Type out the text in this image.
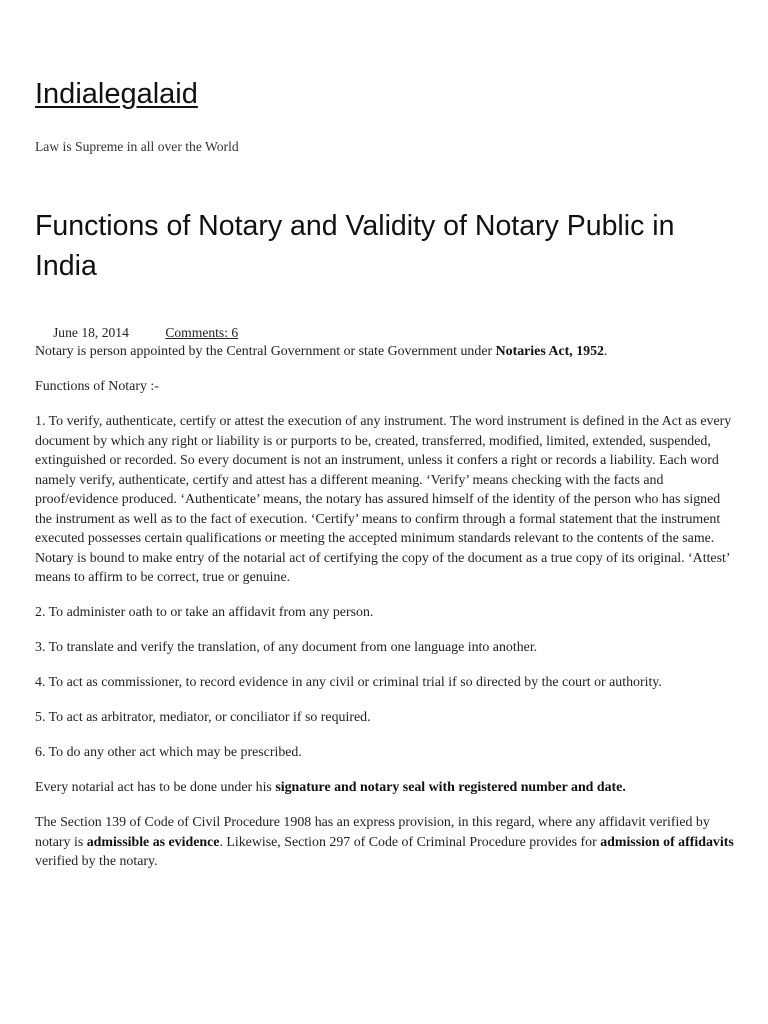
Indialegalaid

Law is Supreme in all over the World

Functions of Notary and Validity of Notary Public in India
June 18, 2014	Comments: 6

Notary is person appointed by the Central Government or state Government under Notaries Act, 1952.

Functions of Notary :-

1. To verify, authenticate, certify or attest the execution of any instrument. The word instrument is defined in the Act as every document by which any right or liability is or purports to be, created, transferred, modified, limited, extended, suspended, extinguished or recorded. So every document is not an instrument, unless it confers a right or records a liability. Each word namely verify, authenticate, certify and attest has a different meaning. ‘Verify’ means checking with the facts and proof/evidence produced. ‘Authenticate’ means, the notary has assured himself of the identity of the person who has signed the instrument as well as to the fact of execution. ‘Certify’ means to confirm through a formal statement that the instrument executed possesses certain qualifications or meeting the accepted minimum standards relevant to the contents of the same. Notary is bound to make entry of the notarial act of certifying the copy of the document as a true copy of its original. ‘Attest’ means to affirm to be correct, true or genuine.

2. To administer oath to or take an affidavit from any person.

3. To translate and verify the translation, of any document from one language into another.

4. To act as commissioner, to record evidence in any civil or criminal trial if so directed by the court or authority.

5. To act as arbitrator, mediator, or conciliator if so required.

6. To do any other act which may be prescribed.

Every notarial act has to be done under his signature and notary seal with registered number and date.

The Section 139 of Code of Civil Procedure 1908 has an express provision, in this regard, where any affidavit verified by notary is admissible as evidence. Likewise, Section 297 of Code of Criminal Procedure provides for admission of affidavits verified by the notary.
